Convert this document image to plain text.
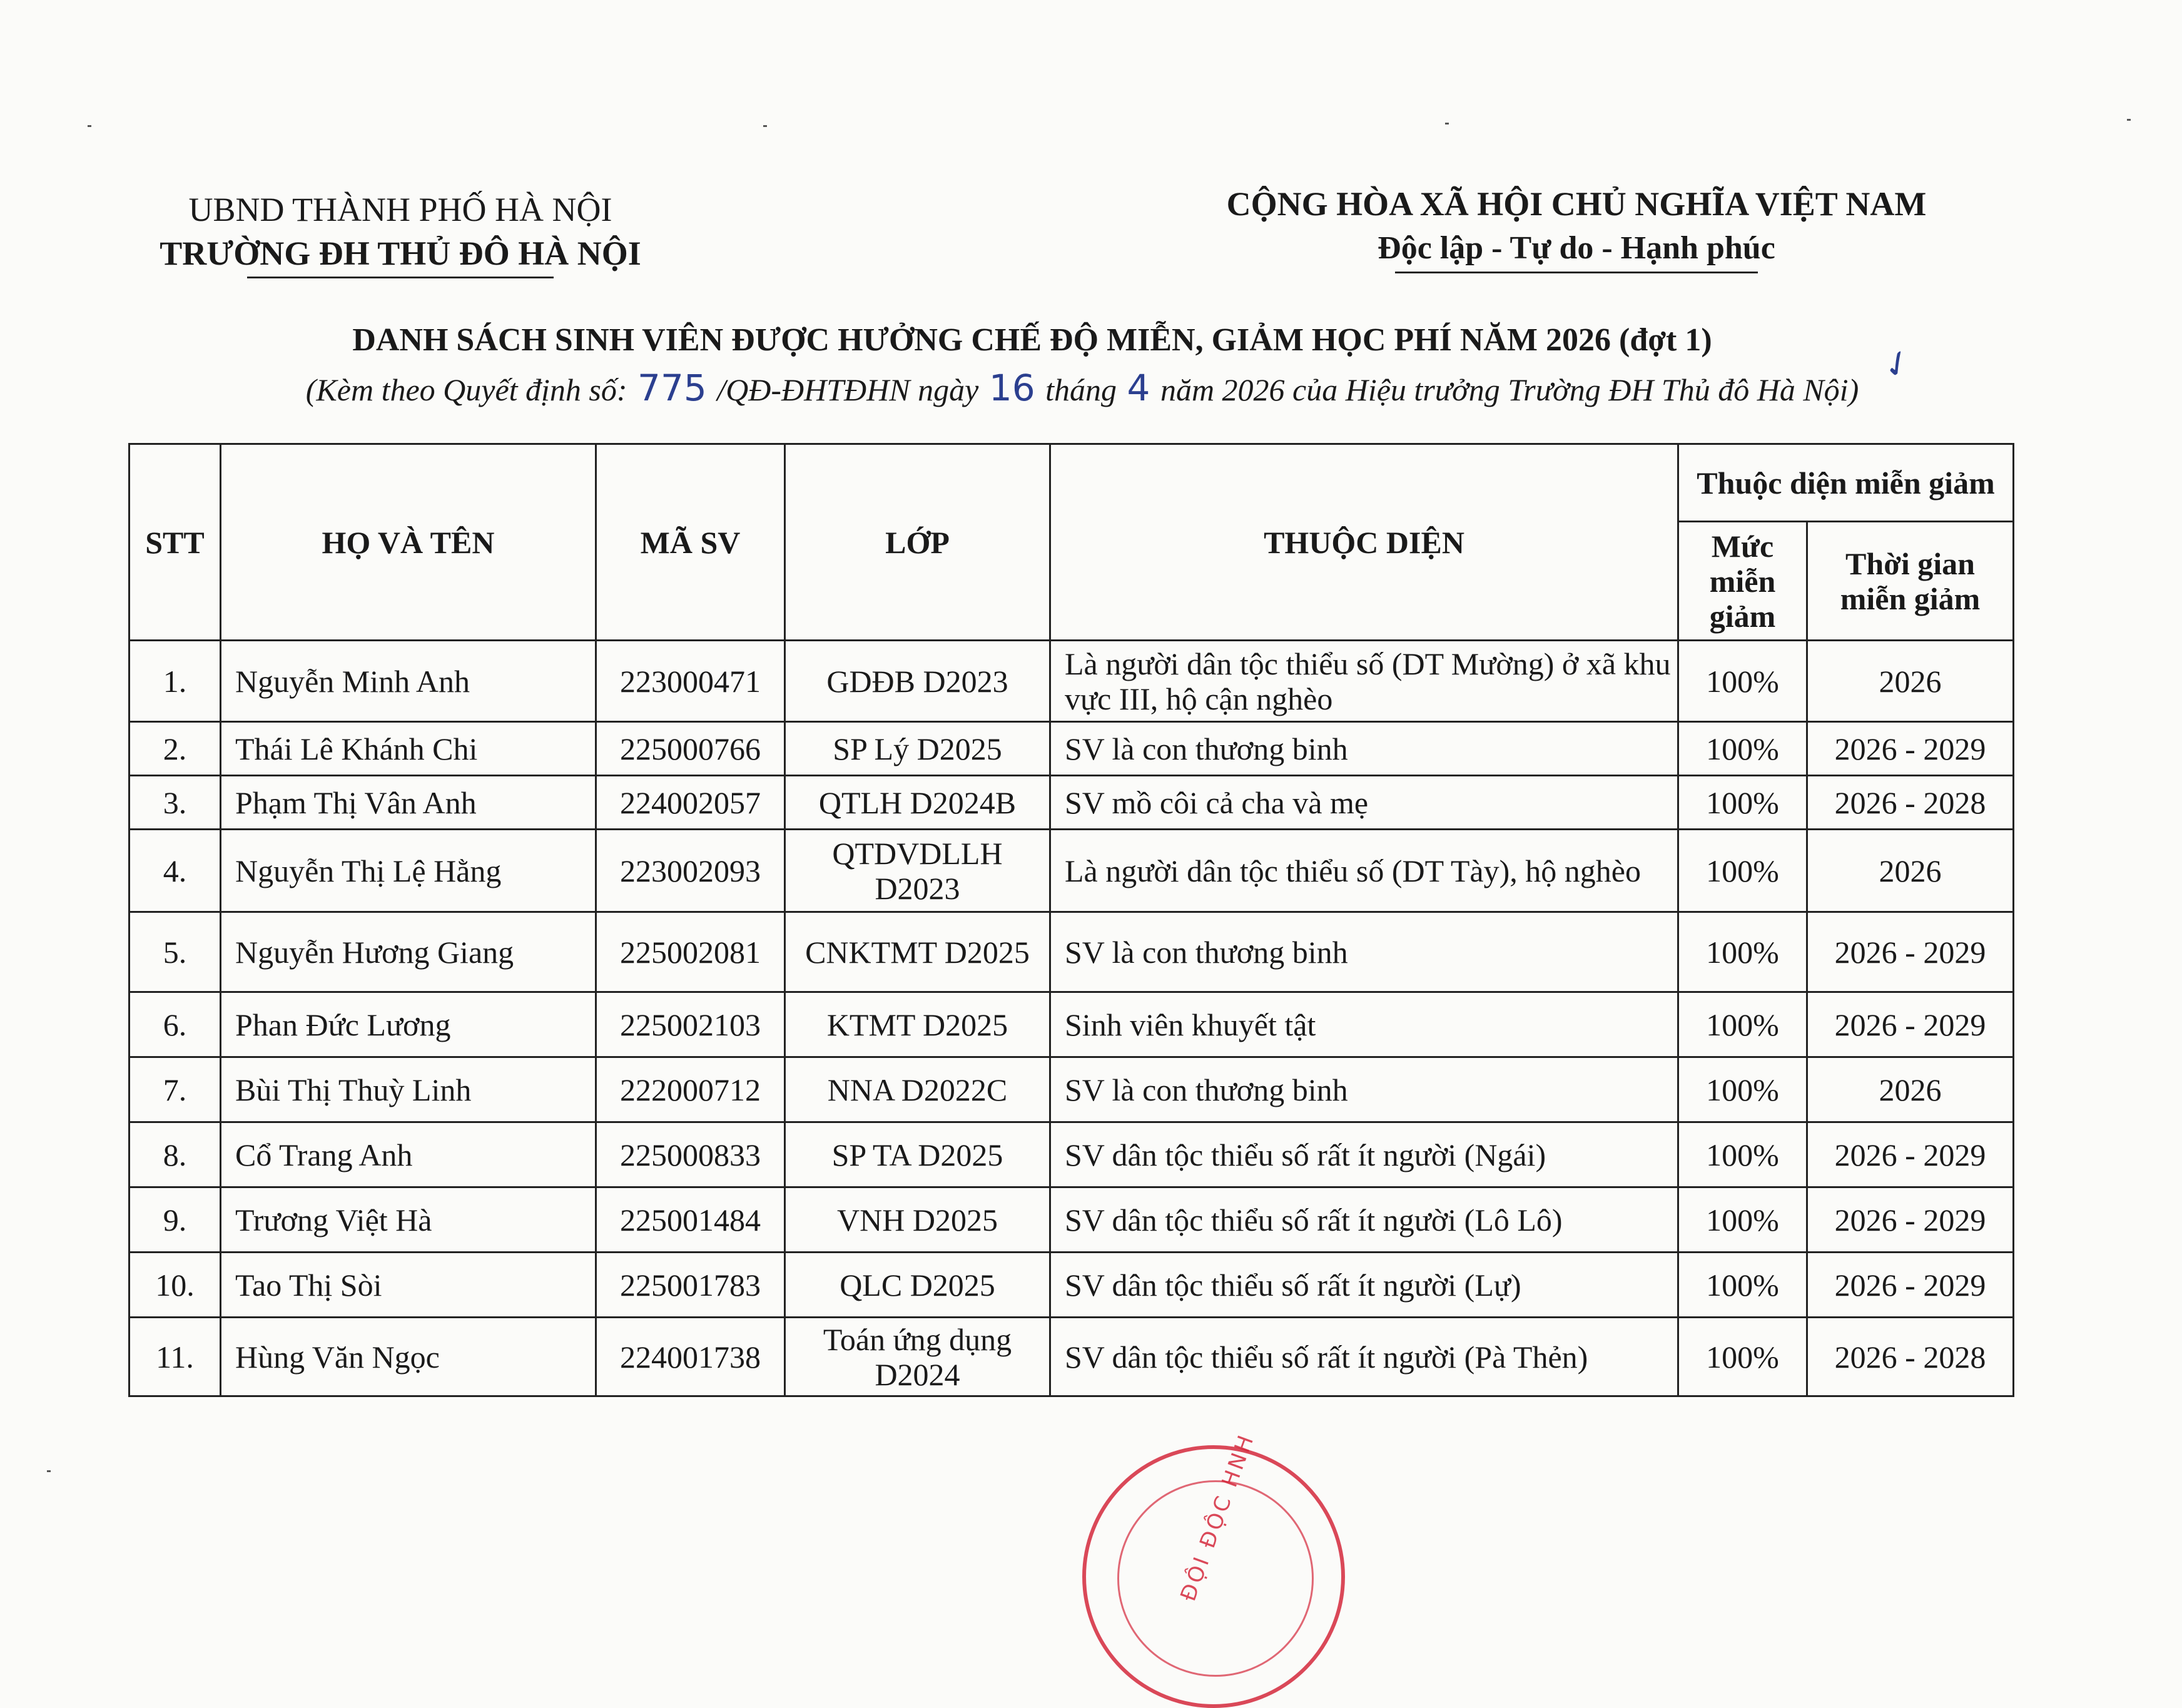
UBND THÀNH PHỐ HÀ NỘI
TRƯỜNG ĐH THỦ ĐÔ HÀ NỘI
CỘNG HÒA XÃ HỘI CHỦ NGHĨA VIỆT NAM
Độc lập - Tự do - Hạnh phúc
DANH SÁCH SINH VIÊN ĐƯỢC HƯỞNG CHẾ ĐỘ MIỄN, GIẢM HỌC PHÍ NĂM 2026 (đợt 1)
(Kèm theo Quyết định số: 775 /QĐ-ĐHTĐHN ngày 16 tháng 4 năm 2026 của Hiệu trưởng Trường ĐH Thủ đô Hà Nội)
✓
STT	HỌ VÀ TÊN	MÃ SV	LỚP	THUỘC DIỆN	Thuộc diện miễn giảm	
					Mức miễn giảm	Thời gian miễn giảm
1.	Nguyễn Minh Anh	223000471	GDĐB D2023	Là người dân tộc thiểu số (DT Mường) ở xã khu vực III, hộ cận nghèo	100%	2026
2.	Thái Lê Khánh Chi	225000766	SP Lý D2025	SV là con thương binh	100%	2026 - 2029
3.	Phạm Thị Vân Anh	224002057	QTLH D2024B	SV mồ côi cả cha và mẹ	100%	2026 - 2028
4.	Nguyễn Thị Lệ Hằng	223002093	QTDVDLLH D2023	Là người dân tộc thiểu số (DT Tày), hộ nghèo	100%	2026
5.	Nguyễn Hương Giang	225002081	CNKTMT D2025	SV là con thương binh	100%	2026 - 2029
6.	Phan Đức Lương	225002103	KTMT D2025	Sinh viên khuyết tật	100%	2026 - 2029
7.	Bùi Thị Thuỳ Linh	222000712	NNA D2022C	SV là con thương binh	100%	2026
8.	Cổ Trang Anh	225000833	SP TA D2025	SV dân tộc thiểu số rất ít người (Ngái)	100%	2026 - 2029
9.	Trương Việt Hà	225001484	VNH D2025	SV dân tộc thiểu số rất ít người (Lô Lô)	100%	2026 - 2029
10.	Tao Thị Sòi	225001783	QLC D2025	SV dân tộc thiểu số rất ít người (Lự)	100%	2026 - 2029
11.	Hùng Văn Ngọc	224001738	Toán ứng dụng D2024	SV dân tộc thiểu số rất ít người (Pà Thẻn)	100%	2026 - 2028
ĐỘI ĐỘC HNH
